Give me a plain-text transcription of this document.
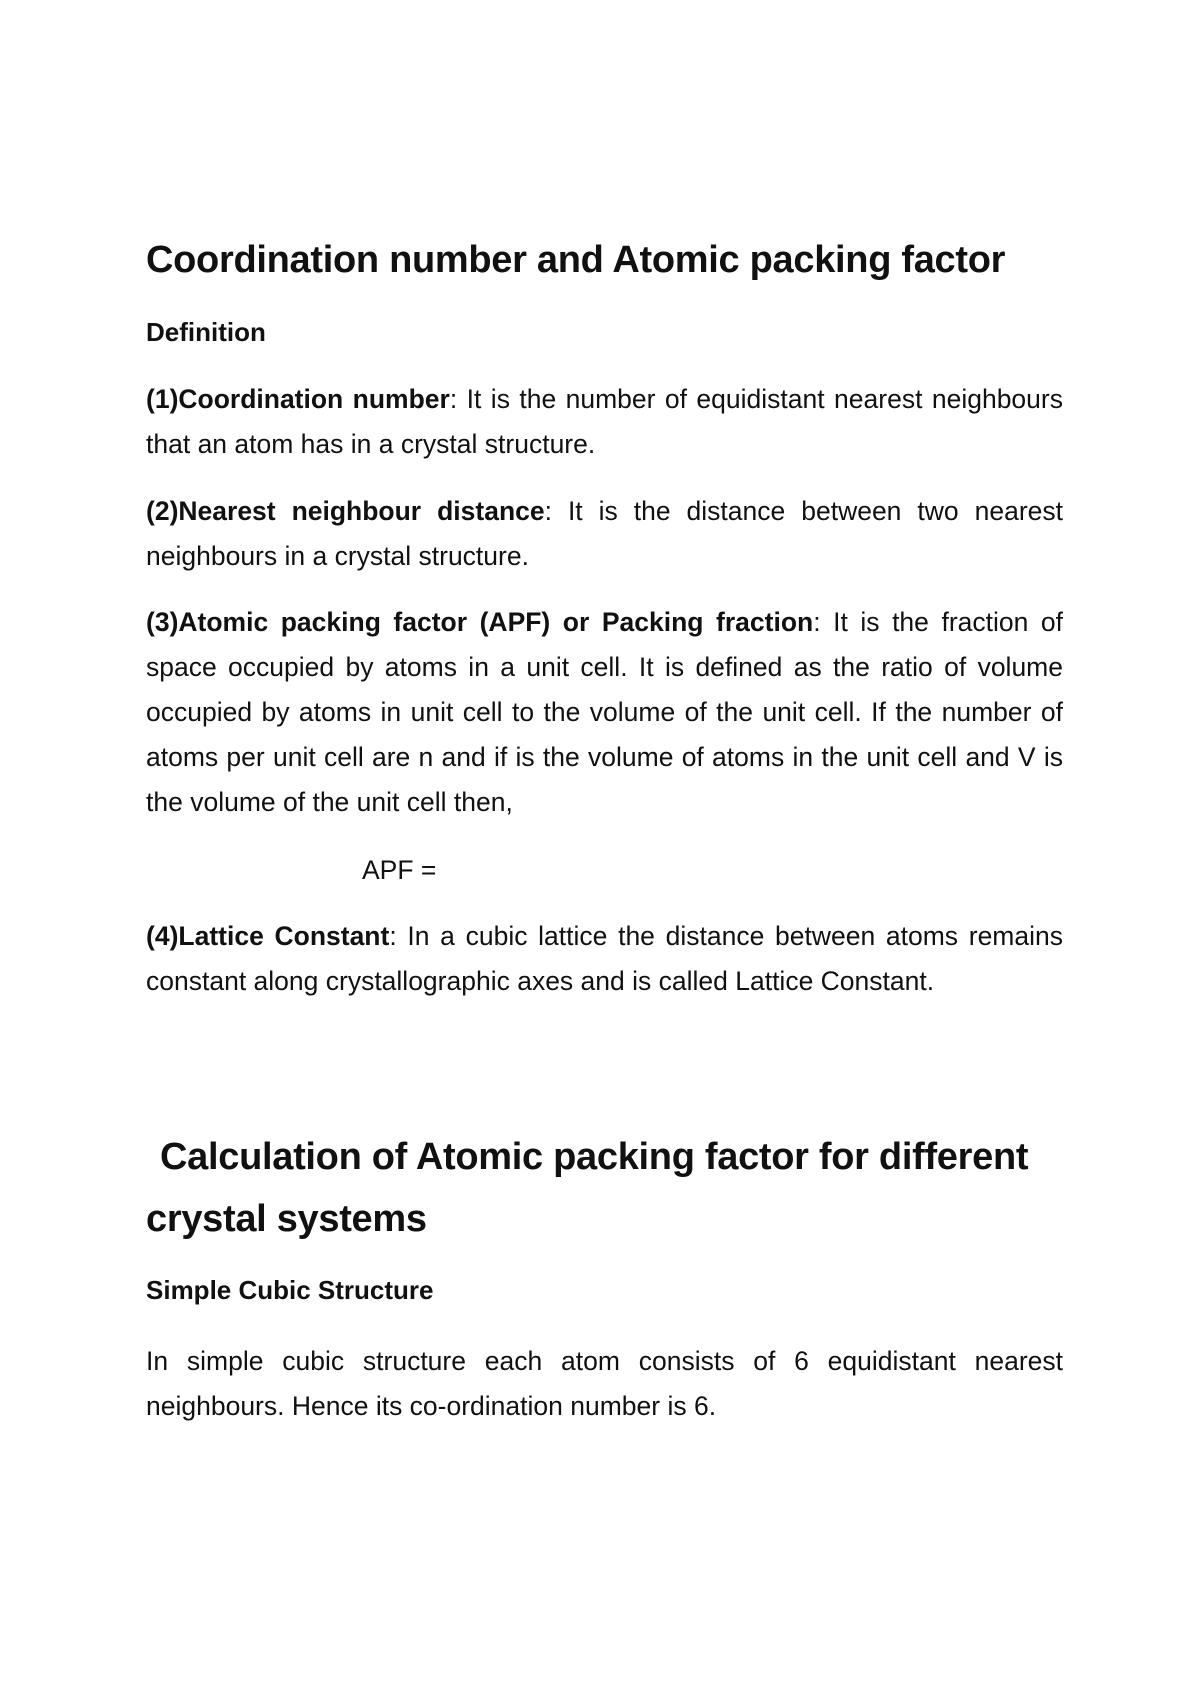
Coordination number and Atomic packing factor
Definition
(1)Coordination number: It is the number of equidistant nearest neighbours that an atom has in a crystal structure.
(2)Nearest neighbour distance: It is the distance between two nearest neighbours in a crystal structure.
(3)Atomic packing factor (APF) or Packing fraction: It is the fraction of space occupied by atoms in a unit cell. It is defined as the ratio of volume occupied by atoms in unit cell to the volume of the unit cell. If the number of atoms per unit cell are n and if is the volume of atoms in the unit cell and V is the volume of the unit cell then,
APF =
(4)Lattice Constant: In a cubic lattice the distance between atoms remains constant along crystallographic axes and is called Lattice Constant.
Calculation of Atomic packing factor for different crystal systems
Simple Cubic Structure
In simple cubic structure each atom consists of 6 equidistant nearest neighbours. Hence its co-ordination number is 6.
